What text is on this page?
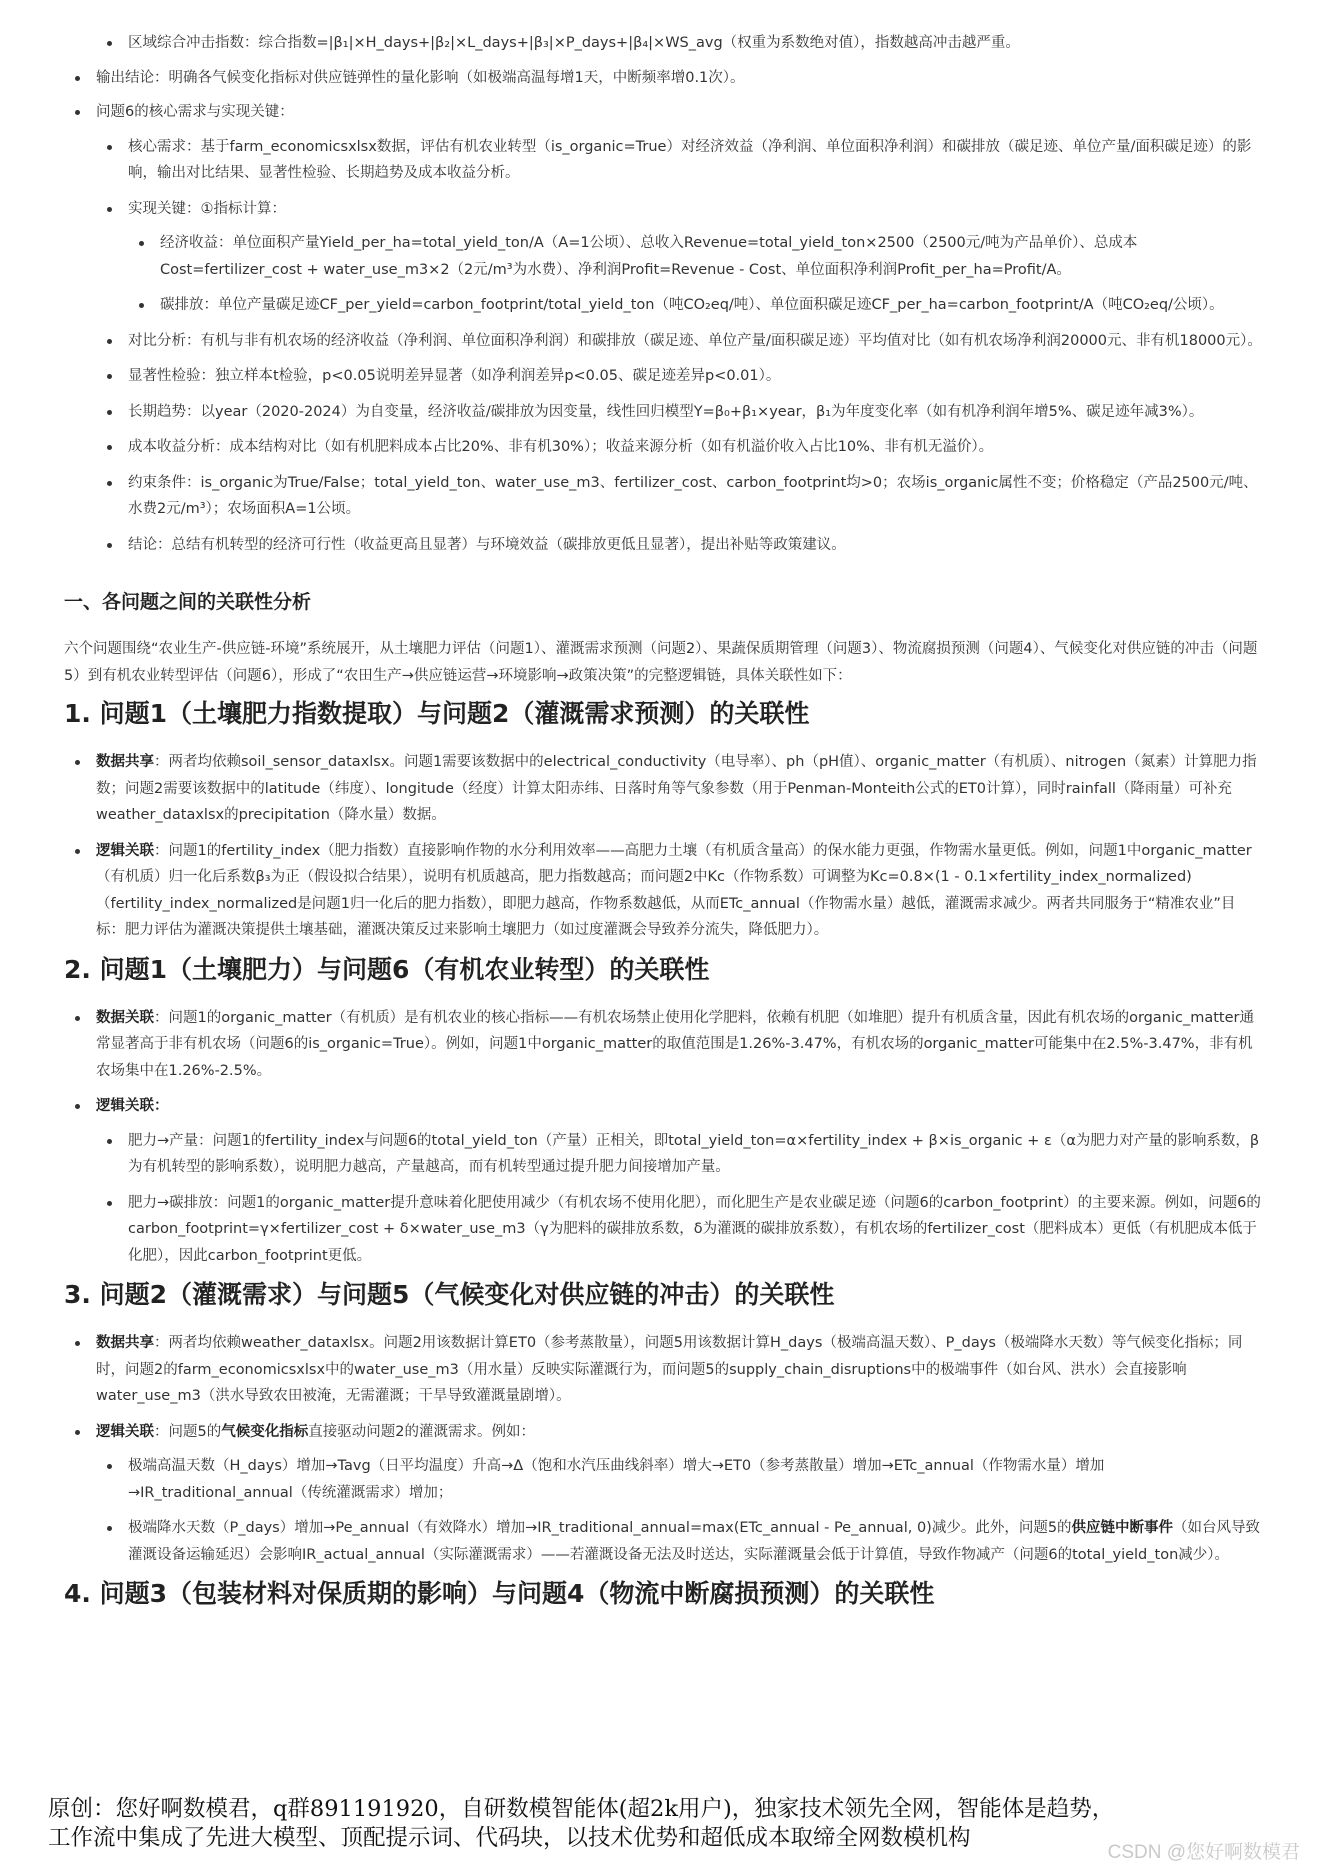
区域综合冲击指数：综合指数=|β₁|×H_days+|β₂|×L_days+|β₃|×P_days+|β₄|×WS_avg（权重为系数绝对值），指数越高冲击越严重。
输出结论：明确各气候变化指标对供应链弹性的量化影响（如极端高温每增1天，中断频率增0.1次）。
问题6的核心需求与实现关键：
核心需求：基于farm_economicsxlsx数据，评估有机农业转型（is_organic=True）对经济效益（净利润、单位面积净利润）和碳排放（碳足迹、单位产量/面积碳足迹）的影响，输出对比结果、显著性检验、长期趋势及成本收益分析。
实现关键：①指标计算：
经济收益：单位面积产量Yield_per_ha=total_yield_ton/A（A=1公顷）、总收入Revenue=total_yield_ton×2500（2500元/吨为产品单价）、总成本Cost=fertilizer_cost + water_use_m3×2（2元/m³为水费）、净利润Profit=Revenue - Cost、单位面积净利润Profit_per_ha=Profit/A。
碳排放：单位产量碳足迹CF_per_yield=carbon_footprint/total_yield_ton（吨CO₂eq/吨）、单位面积碳足迹CF_per_ha=carbon_footprint/A（吨CO₂eq/公顷）。
对比分析：有机与非有机农场的经济收益（净利润、单位面积净利润）和碳排放（碳足迹、单位产量/面积碳足迹）平均值对比（如有机农场净利润20000元、非有机18000元）。
显著性检验：独立样本t检验，p<0.05说明差异显著（如净利润差异p<0.05、碳足迹差异p<0.01）。
长期趋势：以year（2020-2024）为自变量，经济收益/碳排放为因变量，线性回归模型Y=β₀+β₁×year，β₁为年度变化率（如有机净利润年增5%、碳足迹年减3%）。
成本收益分析：成本结构对比（如有机肥料成本占比20%、非有机30%）；收益来源分析（如有机溢价收入占比10%、非有机无溢价）。
约束条件：is_organic为True/False；total_yield_ton、water_use_m3、fertilizer_cost、carbon_footprint均>0；农场is_organic属性不变；价格稳定（产品2500元/吨、水费2元/m³）；农场面积A=1公顷。
结论：总结有机转型的经济可行性（收益更高且显著）与环境效益（碳排放更低且显著），提出补贴等政策建议。
一、各问题之间的关联性分析

六个问题围绕“农业生产-供应链-环境”系统展开，从土壤肥力评估（问题1）、灌溉需求预测（问题2）、果蔬保质期管理（问题3）、物流腐损预测（问题4）、气候变化对供应链的冲击（问题5）到有机农业转型评估（问题6），形成了“农田生产→供应链运营→环境影响→政策决策”的完整逻辑链，具体关联性如下：

1. 问题1（土壤肥力指数提取）与问题2（灌溉需求预测）的关联性
数据共享：两者均依赖soil_sensor_dataxlsx。问题1需要该数据中的electrical_conductivity（电导率）、ph（pH值）、organic_matter（有机质）、nitrogen（氮素）计算肥力指数；问题2需要该数据中的latitude（纬度）、longitude（经度）计算太阳赤纬、日落时角等气象参数（用于Penman-Monteith公式的ET0计算），同时rainfall（降雨量）可补充weather_dataxlsx的precipitation（降水量）数据。
逻辑关联：问题1的fertility_index（肥力指数）直接影响作物的水分利用效率——高肥力土壤（有机质含量高）的保水能力更强，作物需水量更低。例如，问题1中organic_matter（有机质）归一化后系数β₃为正（假设拟合结果），说明有机质越高，肥力指数越高；而问题2中Kc（作物系数）可调整为Kc=0.8×(1 - 0.1×fertility_index_normalized)（fertility_index_normalized是问题1归一化后的肥力指数），即肥力越高，作物系数越低，从而ETc_annual（作物需水量）越低，灌溉需求减少。两者共同服务于“精准农业”目标：肥力评估为灌溉决策提供土壤基础，灌溉决策反过来影响土壤肥力（如过度灌溉会导致养分流失，降低肥力）。
2. 问题1（土壤肥力）与问题6（有机农业转型）的关联性
数据关联：问题1的organic_matter（有机质）是有机农业的核心指标——有机农场禁止使用化学肥料，依赖有机肥（如堆肥）提升有机质含量，因此有机农场的organic_matter通常显著高于非有机农场（问题6的is_organic=True）。例如，问题1中organic_matter的取值范围是1.26%-3.47%，有机农场的organic_matter可能集中在2.5%-3.47%，非有机农场集中在1.26%-2.5%。
逻辑关联：
肥力→产量：问题1的fertility_index与问题6的total_yield_ton（产量）正相关，即total_yield_ton=α×fertility_index + β×is_organic + ε（α为肥力对产量的影响系数，β为有机转型的影响系数），说明肥力越高，产量越高，而有机转型通过提升肥力间接增加产量。
肥力→碳排放：问题1的organic_matter提升意味着化肥使用减少（有机农场不使用化肥），而化肥生产是农业碳足迹（问题6的carbon_footprint）的主要来源。例如，问题6的carbon_footprint=γ×fertilizer_cost + δ×water_use_m3（γ为肥料的碳排放系数，δ为灌溉的碳排放系数），有机农场的fertilizer_cost（肥料成本）更低（有机肥成本低于化肥），因此carbon_footprint更低。
3. 问题2（灌溉需求）与问题5（气候变化对供应链的冲击）的关联性
数据共享：两者均依赖weather_dataxlsx。问题2用该数据计算ET0（参考蒸散量），问题5用该数据计算H_days（极端高温天数）、P_days（极端降水天数）等气候变化指标；同时，问题2的farm_economicsxlsx中的water_use_m3（用水量）反映实际灌溉行为，而问题5的supply_chain_disruptions中的极端事件（如台风、洪水）会直接影响water_use_m3（洪水导致农田被淹，无需灌溉；干旱导致灌溉量剧增）。
逻辑关联：问题5的气候变化指标直接驱动问题2的灌溉需求。例如：
极端高温天数（H_days）增加→Tavg（日平均温度）升高→Δ（饱和水汽压曲线斜率）增大→ET0（参考蒸散量）增加→ETc_annual（作物需水量）增加→IR_traditional_annual（传统灌溉需求）增加；
极端降水天数（P_days）增加→Pe_annual（有效降水）增加→IR_traditional_annual=max(ETc_annual - Pe_annual, 0)减少。此外，问题5的供应链中断事件（如台风导致灌溉设备运输延迟）会影响IR_actual_annual（实际灌溉需求）——若灌溉设备无法及时送达，实际灌溉量会低于计算值，导致作物减产（问题6的total_yield_ton减少）。
4. 问题3（包装材料对保质期的影响）与问题4（物流中断腐损预测）的关联性
原创：您好啊数模君，q群891191920，自研数模智能体(超2k用户)，独家技术领先全网，智能体是趋势，
工作流中集成了先进大模型、顶配提示词、代码块，以技术优势和超低成本取缔全网数模机构
CSDN @您好啊数模君
